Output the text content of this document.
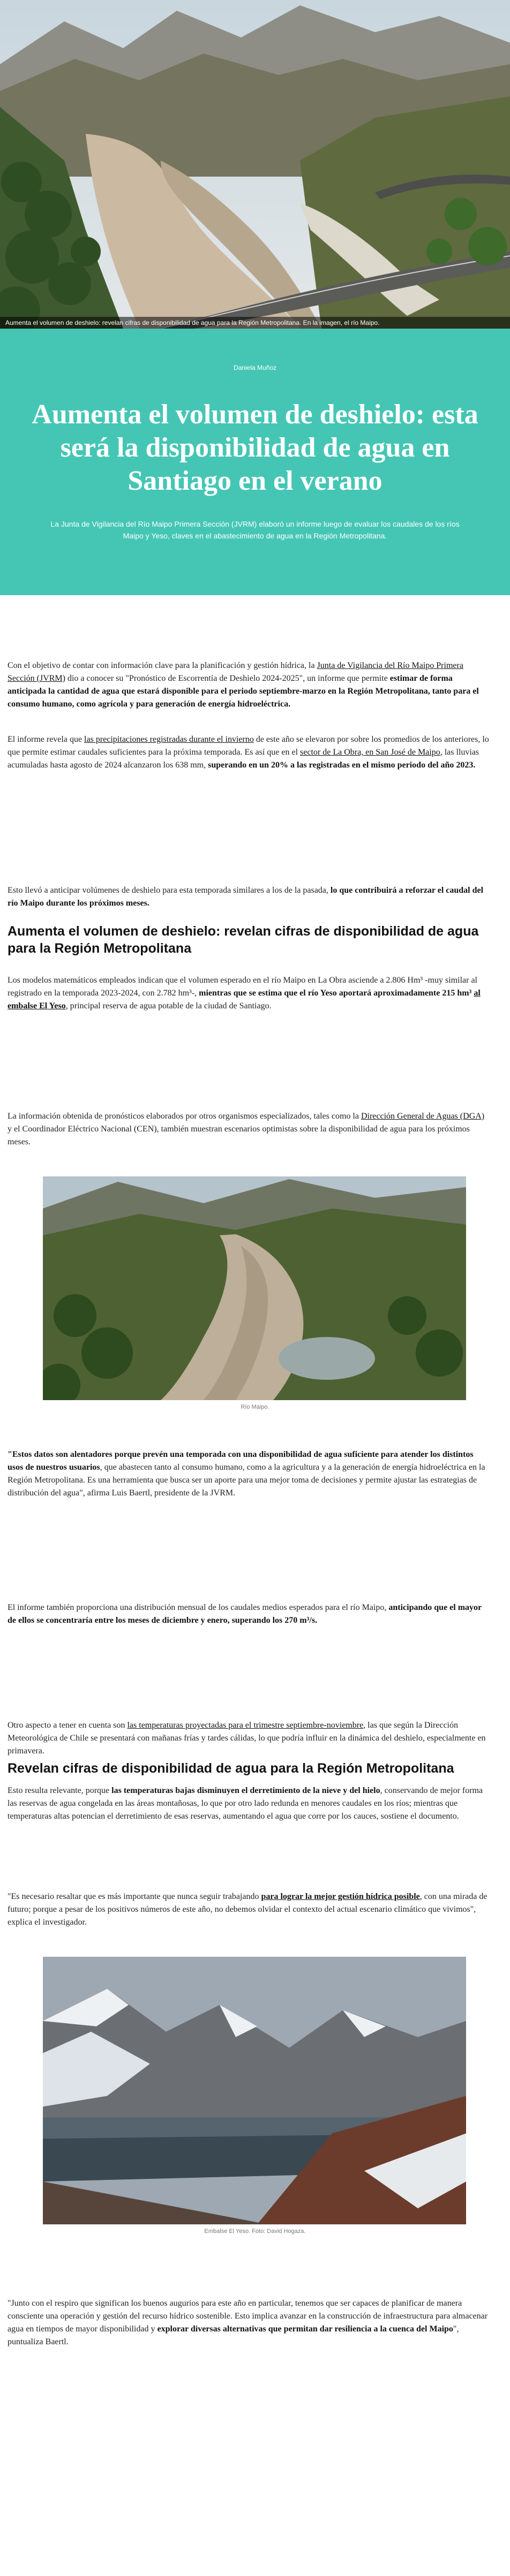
Aumenta el volumen de deshielo: revelan cifras de disponibilidad de agua para la Región Metropolitana. En la imagen, el río Maipo.
Daniela Muñoz
Aumenta el volumen de deshielo: esta será la disponibilidad de agua en Santiago en el verano
La Junta de Vigilancia del Río Maipo Primera Sección (JVRM) elaboró un informe luego de evaluar los caudales de los ríos Maipo y Yeso, claves en el abastecimiento de agua en la Región Metropolitana.

Con el objetivo de contar con información clave para la planificación y gestión hídrica, la Junta de Vigilancia del Río Maipo Primera Sección (JVRM) dio a conocer su "Pronóstico de Escorrentía de Deshielo 2024-2025", un informe que permite estimar de forma anticipada la cantidad de agua que estará disponible para el periodo septiembre-marzo en la Región Metropolitana, tanto para el consumo humano, como agrícola y para generación de energía hidroeléctrica.

El informe revela que las precipitaciones registradas durante el invierno de este año se elevaron por sobre los promedios de los anteriores, lo que permite estimar caudales suficientes para la próxima temporada. Es así que en el sector de La Obra, en San José de Maipo, las lluvias acumuladas hasta agosto de 2024 alcanzaron los 638 mm, superando en un 20% a las registradas en el mismo periodo del año 2023.

Esto llevó a anticipar volúmenes de deshielo para esta temporada similares a los de la pasada, lo que contribuirá a reforzar el caudal del río Maipo durante los próximos meses.

Aumenta el volumen de deshielo: revelan cifras de disponibilidad de agua para la Región Metropolitana

Los modelos matemáticos empleados indican que el volumen esperado en el río Maipo en La Obra asciende a 2.806 Hm³ -muy similar al registrado en la temporada 2023-2024, con 2.782 hm³-, mientras que se estima que el río Yeso aportará aproximadamente 215 hm³ al embalse El Yeso, principal reserva de agua potable de la ciudad de Santiago.

La información obtenida de pronósticos elaborados por otros organismos especializados, tales como la Dirección General de Aguas (DGA) y el Coordinador Eléctrico Nacional (CEN), también muestran escenarios optimistas sobre la disponibilidad de agua para los próximos meses.

Río Maipo.

"Estos datos son alentadores porque prevén una temporada con una disponibilidad de agua suficiente para atender los distintos usos de nuestros usuarios, que abastecen tanto al consumo humano, como a la agricultura y a la generación de energía hidroeléctrica en la Región Metropolitana. Es una herramienta que busca ser un aporte para una mejor toma de decisiones y permite ajustar las estrategias de distribución del agua", afirma Luis Baertl, presidente de la JVRM.

El informe también proporciona una distribución mensual de los caudales medios esperados para el río Maipo, anticipando que el mayor de ellos se concentraría entre los meses de diciembre y enero, superando los 270 m³/s.

Otro aspecto a tener en cuenta son las temperaturas proyectadas para el trimestre septiembre-noviembre, las que según la Dirección Meteorológica de Chile se presentará con mañanas frías y tardes cálidas, lo que podría influir en la dinámica del deshielo, especialmente en primavera.

Revelan cifras de disponibilidad de agua para la Región Metropolitana

Esto resulta relevante, porque las temperaturas bajas disminuyen el derretimiento de la nieve y del hielo, conservando de mejor forma las reservas de agua congelada en las áreas montañosas, lo que por otro lado redunda en menores caudales en los ríos; mientras que temperaturas altas potencian el derretimiento de esas reservas, aumentando el agua que corre por los cauces, sostiene el documento.

"Es necesario resaltar que es más importante que nunca seguir trabajando para lograr la mejor gestión hídrica posible, con una mirada de futuro; porque a pesar de los positivos números de este año, no debemos olvidar el contexto del actual escenario climático que vivimos", explica el investigador.

Embalse El Yeso. Foto: David Hogaza.

"Junto con el respiro que significan los buenos augurios para este año en particular, tenemos que ser capaces de planificar de manera consciente una operación y gestión del recurso hídrico sostenible. Esto implica avanzar en la construcción de infraestructura para almacenar agua en tiempos de mayor disponibilidad y explorar diversas alternativas que permitan dar resiliencia a la cuenca del Maipo", puntualiza Baertl.
